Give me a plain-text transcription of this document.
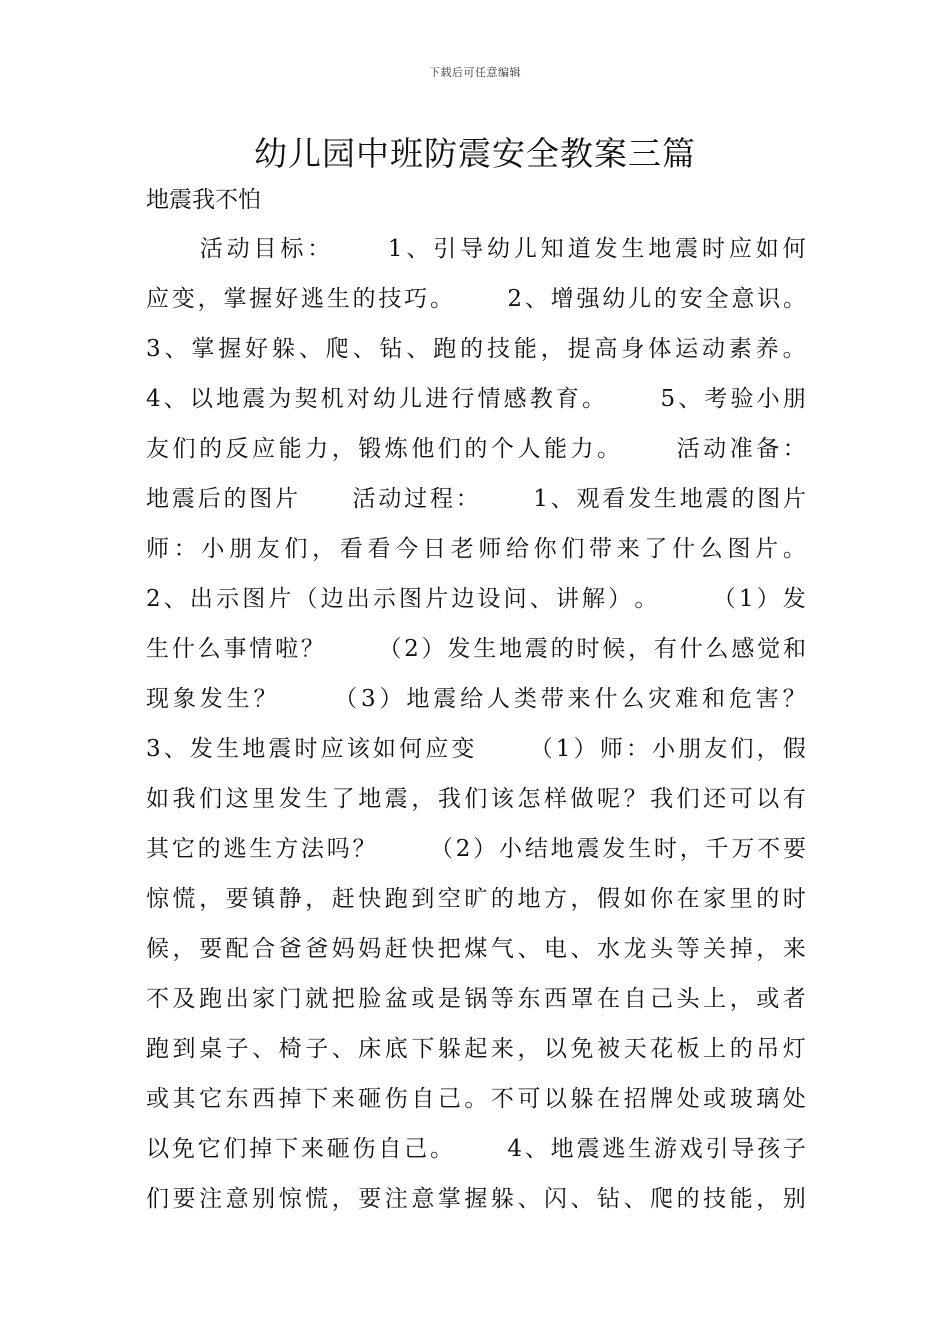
下载后可任意编辑
幼儿园中班防震安全教案三篇
地震我不怕

活 动 目 标 ：

　	1 、 引 导 幼 儿 知 道 发 生 地 震 时 应 如 何
应 变 ， 掌 握 好 逃 生 的 技 巧 。

　 2 、 增 强 幼 儿 的 安 全 意 识 。
3 、 掌 握 好 躲 、 爬 、 钻 、 跑 的 技 能 ， 提 高 身 体 运 动 素 养 。
4 、 以 地 震 为 契 机 对 幼 儿 进 行 情 感 教 育 。

　 5 、 考 验 小 朋
友 们 的 反 应 能 力 ， 锻 炼 他 们 的 个 人 能 力 。

　 活 动 准 备 ：
地 震 后 的 图 片

　 活 动 过 程 ：

　 1 、 观 看 发 生 地 震 的 图 片
师 ： 小 朋 友 们 ， 看 看 今 日 老 师 给 你 们 带 来 了 什 么 图 片 。
2 、 出 示 图 片 （ 边 出 示 图 片 边 设 问 、 讲 解 ） 。

　 （ 1 ） 发
生 什 么 事 情 啦 ？

　 （ 2 ） 发 生 地 震 的 时 候 ， 有 什 么 感 觉 和
现 象 发 生 ？

　	（ 3 ） 地 震 给 人 类 带 来 什 么 灾 难 和 危 害 ？
3 、 发 生 地 震 时 应 该 如 何 应 变

　 （ 1 ） 师 ： 小 朋 友 们 ， 假
如 我 们 这 里 发 生 了 地 震 ， 我 们 该 怎 样 做 呢 ？ 我 们 还 可 以 有
其 它 的 逃 生 方 法 吗 ？

　 （ 2 ） 小 结 地 震 发 生 时 ， 千 万 不 要
惊 慌 ， 要 镇 静 ， 赶 快 跑 到 空 旷 的 地 方 ， 假 如 你 在 家 里 的 时
候 ， 要 配 合 爸 爸 妈 妈 赶 快 把 煤 气 、 电 、 水 龙 头 等 关 掉 ， 来
不 及 跑 出 家 门 就 把 脸 盆 或 是 锅 等 东 西 罩 在 自 己 头 上 ， 或 者
跑 到 桌 子 、 椅 子 、 床 底 下 躲 起 来 ， 以 免 被 天 花 板 上 的 吊 灯
或 其 它 东 西 掉 下 来 砸 伤 自 己 。 不 可 以 躲 在 招 牌 处 或 玻 璃 处
以 免 它 们 掉 下 来 砸 伤 自 己 。

　 4 、 地 震 逃 生 游 戏 引 导 孩 子
们 要 注 意 别 惊 慌 ， 要 注 意 掌 握 躲 、 闪 、 钻 、 爬 的 技 能 ， 别
